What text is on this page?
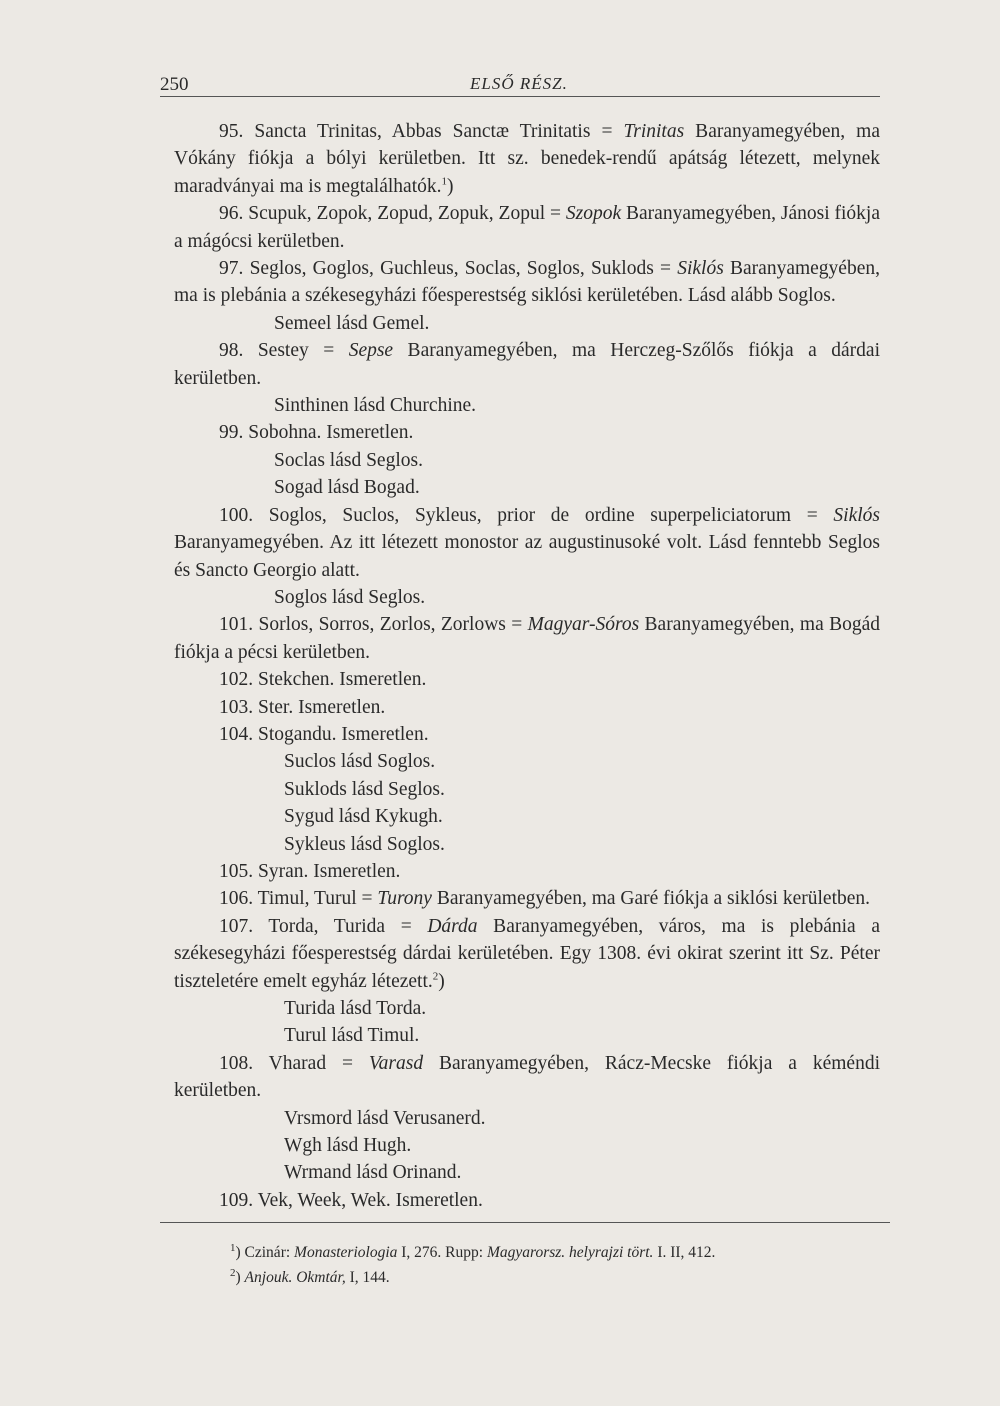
250	ELSŐ RÉSZ.

95. Sancta Trinitas, Abbas Sanctæ Trinitatis = Trinitas Baranyamegyében, ma Vókány fiókja a bólyi kerületben. Itt sz. benedek-rendű apátság létezett, melynek maradványai ma is megtalálhatók.$^1$)

96. Scupuk, Zopok, Zopud, Zopuk, Zopul = Szopok Baranyamegyében, Jánosi fiókja a mágócsi kerületben.

97. Seglos, Goglos, Guchleus, Soclas, Soglos, Suklods = Siklós Baranyamegyében, ma is plebánia a székesegyházi főesperestség siklósi kerületében. Lásd alább Soglos.

Semeel lásd Gemel.

98. Sestey = Sepse Baranyamegyében, ma Herczeg-Szőlős fiókja a dárdai kerületben.

Sinthinen lásd Churchine.

99. Sobohna. Ismeretlen.

Soclas lásd Seglos.

Sogad lásd Bogad.

100. Soglos, Suclos, Sykleus, prior de ordine superpeliciatorum = Siklós Baranyamegyében. Az itt létezett monostor az augustinusoké volt. Lásd fenntebb Seglos és Sancto Georgio alatt.

Soglos lásd Seglos.

101. Sorlos, Sorros, Zorlos, Zorlows = Magyar-Sóros Baranyamegyében, ma Bogád fiókja a pécsi kerületben.

102. Stekchen. Ismeretlen.

103. Ster. Ismeretlen.

104. Stogandu. Ismeretlen.

Suclos lásd Soglos.

Suklods lásd Seglos.

Sygud lásd Kykugh.

Sykleus lásd Soglos.

105. Syran. Ismeretlen.

106. Timul, Turul = Turony Baranyamegyében, ma Garé fiókja a siklósi kerületben.

107. Torda, Turida = Dárda Baranyamegyében, város, ma is plebánia a székesegyházi főesperestség dárdai kerületében. Egy 1308. évi okirat szerint itt Sz. Péter tiszteletére emelt egyház létezett.$^2$)

Turida lásd Torda.

Turul lásd Timul.

108. Vharad = Varasd Baranyamegyében, Rácz-Mecske fiókja a kéméndi kerületben.

Vrsmord lásd Verusanerd.

Wgh lásd Hugh.

Wrmand lásd Orinand.

109. Vek, Week, Wek. Ismeretlen.

$^1$) Czinár: Monasteriologia I, 276. Rupp: Magyarorsz. helyrajzi tört. I. II, 412.

$^2$) Anjouk. Okmtár, I, 144.
